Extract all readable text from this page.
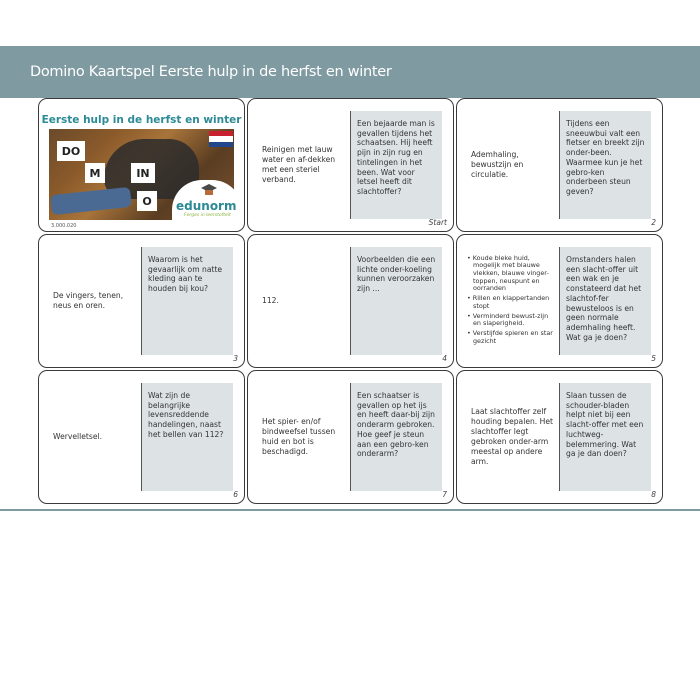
Domino Kaartspel Eerste hulp in de herfst en winter
Eerste hulp in de herfst en winter
DO
M	IN
O	edunorm
Ferges in leerstofteit
3.000.020
Reinigen met lauw water en af-dekken met een steriel verband.
Een bejaarde man is gevallen tijdens het schaatsen. Hij heeft pijn in zijn rug en tintelingen in het been. Wat voor letsel heeft dit slachtoffer?
Start
Ademhaling, bewustzijn en circulatie.
Tijdens een sneeuwbui valt een fietser en breekt zijn onder-been. Waarmee kun je het gebro-ken onderbeen steun geven?
2
De vingers, tenen, neus en oren.
Waarom is het gevaarlijk om natte kleding aan te houden bij kou?
3
112.
Voorbeelden die een lichte onder-koeling kunnen veroorzaken zijn ...
4
• Koude bleke huid, mogelijk met blauwe vlekken, blauwe vinger-toppen, neuspunt en oorranden
• Rillen en klappertanden stopt
• Verminderd bewust-zijn en slaperigheid.
• Verstijfde spieren en star gezicht
Omstanders halen een slacht-offer uit een wak en je constateerd dat het slachtof-fer bewusteloos is en geen normale ademhaling heeft. Wat ga je doen?
5
Wervelletsel.
Wat zijn de belangrijke levensreddende handelingen, naast het bellen van 112?
6
Het spier- en/of bindweefsel tussen huid en bot is beschadigd.
Een schaatser is gevallen op het ijs en heeft daar-bij zijn onderarm gebroken. Hoe geef je steun aan een gebro-ken onderarm?
7
Laat slachtoffer zelf houding bepalen. Het slachtoffer legt gebroken onder-arm meestal op andere arm.
Slaan tussen de schouder-bladen helpt niet bij een slacht-offer met een luchtweg-belemmering. Wat ga je dan doen?
8
